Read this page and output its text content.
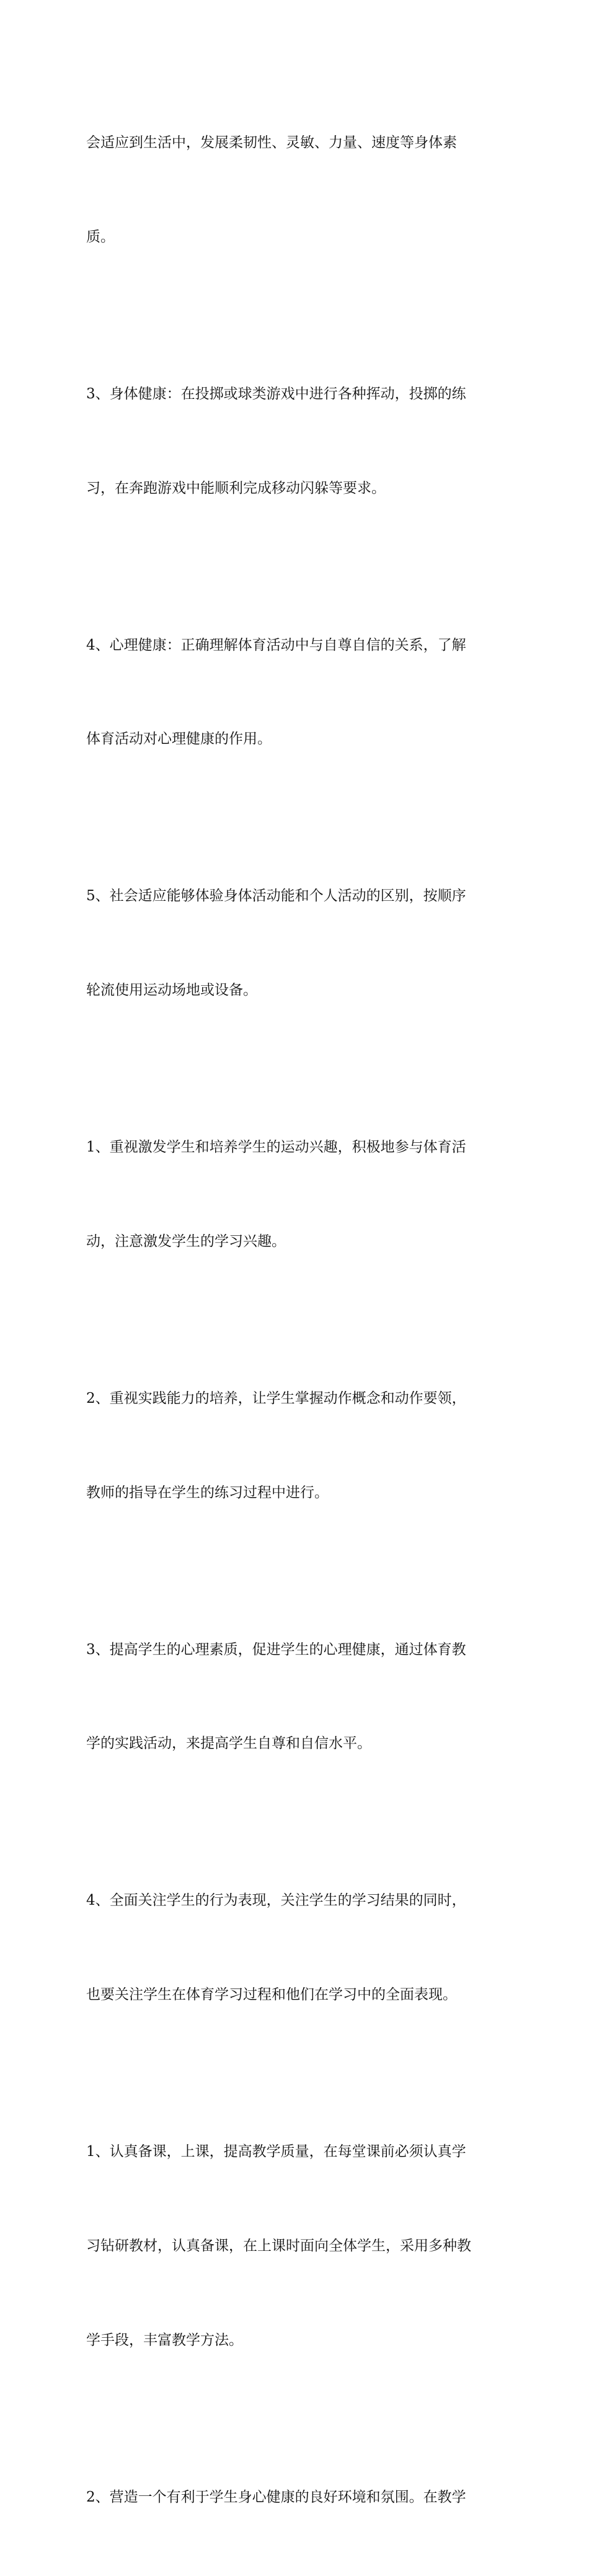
会适应到生活中，发展柔韧性、灵敏、力量、速度等身体素

质。

3、身体健康：在投掷或球类游戏中进行各种挥动，投掷的练

习，在奔跑游戏中能顺利完成移动闪躲等要求。

4、心理健康：正确理解体育活动中与自尊自信的关系，了解

体育活动对心理健康的作用。

5、社会适应能够体验身体活动能和个人活动的区别，按顺序

轮流使用运动场地或设备。

1、重视激发学生和培养学生的运动兴趣，积极地参与体育活

动，注意激发学生的学习兴趣。

2、重视实践能力的培养，让学生掌握动作概念和动作要领，

教师的指导在学生的练习过程中进行。

3、提高学生的心理素质，促进学生的心理健康，通过体育教

学的实践活动，来提高学生自尊和自信水平。

4、全面关注学生的行为表现，关注学生的学习结果的同时，

也要关注学生在体育学习过程和他们在学习中的全面表现。

1、认真备课，上课，提高教学质量，在每堂课前必须认真学

习钻研教材，认真备课，在上课时面向全体学生，采用多种教

学手段，丰富教学方法。

2、营造一个有利于学生身心健康的良好环境和氛围。在教学
